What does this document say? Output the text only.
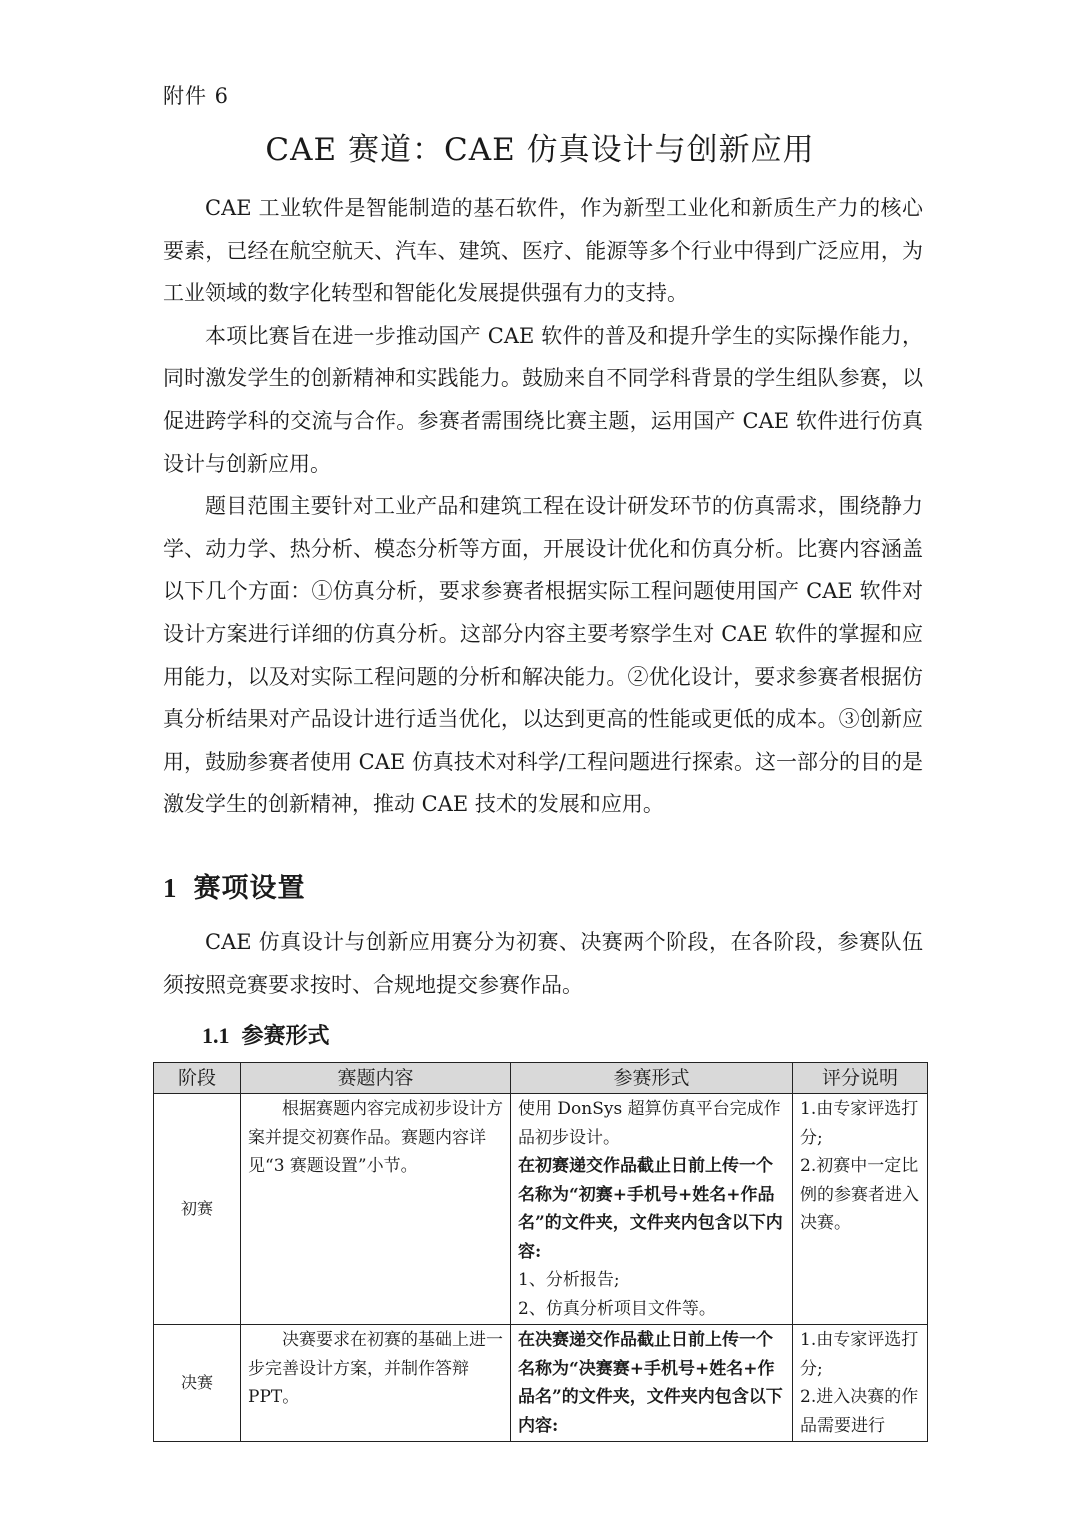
附件 6
CAE 赛道：CAE 仿真设计与创新应用

CAE 工业软件是智能制造的基石软件，作为新型工业化和新质生产力的核心要素，已经在航空航天、汽车、建筑、医疗、能源等多个行业中得到广泛应用，为工业领域的数字化转型和智能化发展提供强有力的支持。

本项比赛旨在进一步推动国产 CAE 软件的普及和提升学生的实际操作能力，同时激发学生的创新精神和实践能力。鼓励来自不同学科背景的学生组队参赛，以促进跨学科的交流与合作。参赛者需围绕比赛主题，运用国产 CAE 软件进行仿真设计与创新应用。

题目范围主要针对工业产品和建筑工程在设计研发环节的仿真需求，围绕静力学、动力学、热分析、模态分析等方面，开展设计优化和仿真分析。比赛内容涵盖以下几个方面：①仿真分析，要求参赛者根据实际工程问题使用国产 CAE 软件对设计方案进行详细的仿真分析。这部分内容主要考察学生对 CAE 软件的掌握和应用能力，以及对实际工程问题的分析和解决能力。②优化设计，要求参赛者根据仿真分析结果对产品设计进行适当优化，以达到更高的性能或更低的成本。③创新应用，鼓励参赛者使用 CAE 仿真技术对科学/工程问题进行探索。这一部分的目的是激发学生的创新精神，推动 CAE 技术的发展和应用。

1 赛项设置

CAE 仿真设计与创新应用赛分为初赛、决赛两个阶段，在各阶段，参赛队伍须按照竞赛要求按时、合规地提交参赛作品。

1.1 参赛形式
阶段	赛题内容	参赛形式	评分说明
初赛	根据赛题内容完成初步设计方案并提交初赛作品。赛题内容详见“3 赛题设置”小节。	使用 DonSys 超算仿真平台完成作品初步设计。
在初赛递交作品截止日前上传一个名称为“初赛+手机号+姓名+作品名”的文件夹，文件夹内包含以下内容:
1、分析报告;
2、仿真分析项目文件等。	1.由专家评选打分;
2.初赛中一定比例的参赛者进入决赛。

决赛	决赛要求在初赛的基础上进一步完善设计方案，并制作答辩 PPT。	在决赛递交作品截止日前上传一个名称为“决赛赛+手机号+姓名+作品名”的文件夹，文件夹内包含以下内容:	1.由专家评选打分;
2.进入决赛的作品需要进行
